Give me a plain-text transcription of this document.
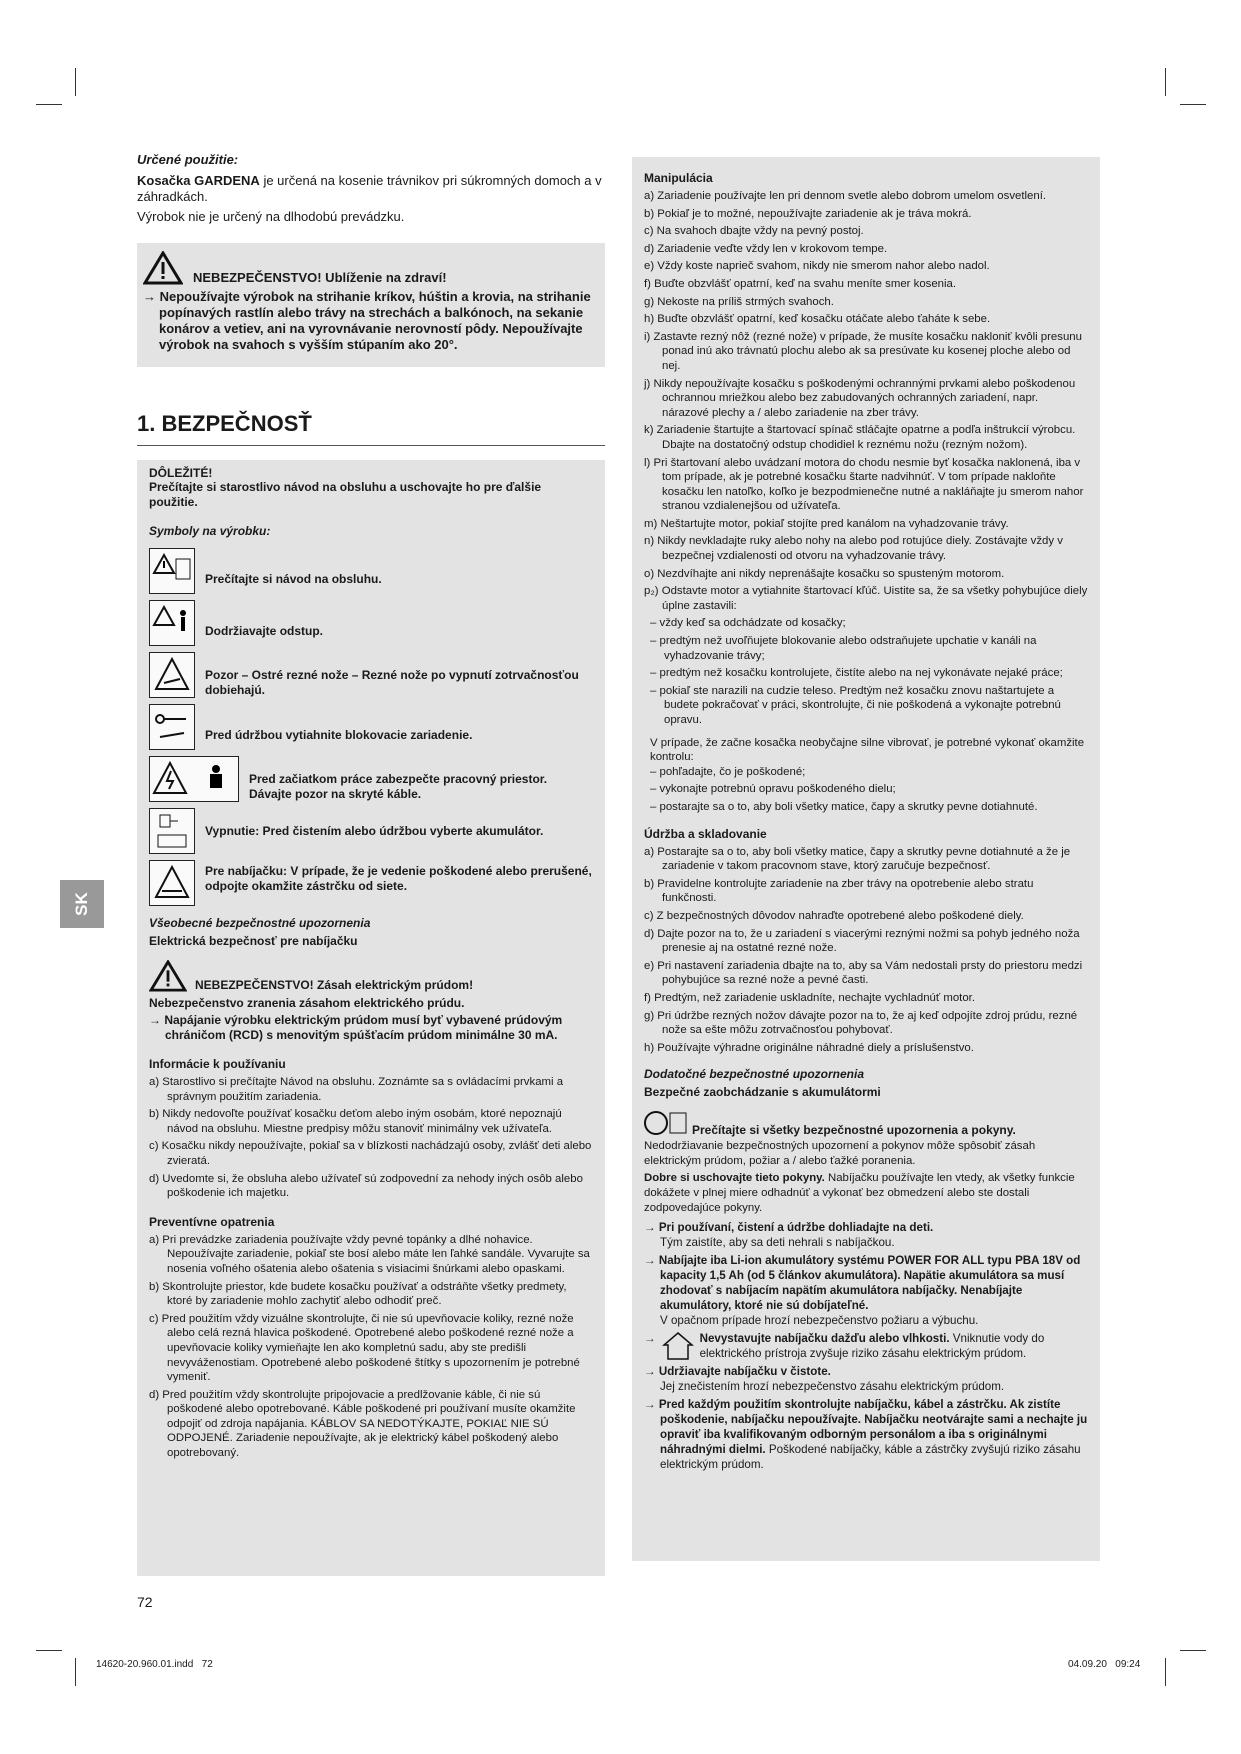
SK
Určené použitie:

Kosačka GARDENA je určená na kosenie trávnikov pri súkromných domoch a v záhradkách.

Výrobok nie je určený na dlhodobú prevádzku.

NEBEZPEČENSTVO! Ublíženie na zdraví!
→ Nepoužívajte výrobok na strihanie kríkov, húštin a krovia, na strihanie popínavých rastlín alebo trávy na strechách a balkónoch, na sekanie konárov a vetiev, ani na vyrovnávanie nerovností pôdy. Nepoužívajte výrobok na svahoch s vyšším stúpaním ako 20°.
1. BEZPEČNOSŤ
DÔLEŽITÉ!
Prečítajte si starostlivo návod na obsluhu a uschovajte ho pre ďalšie použitie.
Symboly na výrobku:
Prečítajte si návod na obsluhu.
Dodržiavajte odstup.
Pozor – Ostré rezné nože – Rezné nože po vypnutí zotrvačnosťou dobiehajú.
Pred údržbou vytiahnite blokovacie zariadenie.
Pred začiatkom práce zabezpečte pracovný priestor. Dávajte pozor na skryté káble.
Vypnutie: Pred čistením alebo údržbou vyberte akumulátor.
Pre nabíjačku: V prípade, že je vedenie poškodené alebo prerušené, odpojte okamžite zástrčku od siete.
Všeobecné bezpečnostné upozornenia
Elektrická bezpečnosť pre nabíjačku
NEBEZPEČENSTVO! Zásah elektrickým prúdom!
Nebezpečenstvo zranenia zásahom elektrického prúdu.
→ Napájanie výrobku elektrickým prúdom musí byť vybavené prúdovým chráničom (RCD) s menovitým spúšťacím prúdom minimálne 30 mA.
Informácie k používaniu
a) Starostlivo si prečítajte Návod na obsluhu. Zoznámte sa s ovládacími prvkami a správnym použitím zariadenia.
b) Nikdy nedovoľte používať kosačku deťom alebo iným osobám, ktoré nepoznajú návod na obsluhu. Miestne predpisy môžu stanoviť minimálny vek užívateľa.
c) Kosačku nikdy nepoužívajte, pokiaľ sa v blízkosti nachádzajú osoby, zvlášť deti alebo zvieratá.
d) Uvedomte si, že obsluha alebo užívateľ sú zodpovední za nehody iných osôb alebo poškodenie ich majetku.
Preventívne opatrenia
a) Pri prevádzke zariadenia používajte vždy pevné topánky a dlhé nohavice. Nepoužívajte zariadenie, pokiaľ ste bosí alebo máte len ľahké sandále. Vyvarujte sa nosenia voľného ošatenia alebo ošatenia s visiacimi šnúrkami alebo opaskami.
b) Skontrolujte priestor, kde budete kosačku používať a odstráňte všetky predmety, ktoré by zariadenie mohlo zachytiť alebo odhodiť preč.
c) Pred použitím vždy vizuálne skontrolujte, či nie sú upevňovacie koliky, rezné nože alebo celá rezná hlavica poškodené. Opotrebené alebo poškodené rezné nože a upevňovacie koliky vymieňajte len ako kompletnú sadu, aby ste predišli nevyváženostiam. Opotrebené alebo poškodené štítky s upozornením je potrebné vymeniť.
d) Pred použitím vždy skontrolujte pripojovacie a predlžovanie káble, či nie sú poškodené alebo opotrebované. Káble poškodené pri používaní musíte okamžite odpojiť od zdroja napájania. KÁBLOV SA NEDOTÝKAJTE, POKIAĽ NIE SÚ ODPOJENÉ. Zariadenie nepoužívajte, ak je elektrický kábel poškodený alebo opotrebovaný.
Manipulácia
a) Zariadenie používajte len pri dennom svetle alebo dobrom umelom osvetlení.
b) Pokiaľ je to možné, nepoužívajte zariadenie ak je tráva mokrá.
c) Na svahoch dbajte vždy na pevný postoj.
d) Zariadenie veďte vždy len v krokovom tempe.
e) Vždy koste naprieč svahom, nikdy nie smerom nahor alebo nadol.
f) Buďte obzvlášť opatrní, keď na svahu meníte smer kosenia.
g) Nekoste na príliš strmých svahoch.
h) Buďte obzvlášť opatrní, keď kosačku otáčate alebo ťaháte k sebe.
i) Zastavte rezný nôž (rezné nože) v prípade, že musíte kosačku nakloniť kvôli presunu ponad inú ako trávnatú plochu alebo ak sa presúvate ku kosenej ploche alebo od nej.
j) Nikdy nepoužívajte kosačku s poškodenými ochrannými prvkami alebo poškodenou ochrannou mriežkou alebo bez zabudovaných ochranných zariadení, napr. nárazové plechy a / alebo zariadenie na zber trávy.
k) Zariadenie štartujte a štartovací spínač stláčajte opatrne a podľa inštrukcií výrobcu. Dbajte na dostatočný odstup chodidiel k reznému nožu (rezným nožom).
l) Pri štartovaní alebo uvádzaní motora do chodu nesmie byť kosačka naklonená, iba v tom prípade, ak je potrebné kosačku štarte nadvihnúť. V tom prípade nakloňte kosačku len natoľko, koľko je bezpodmienečne nutné a nakláňajte ju smerom nahor stranou vzdialenejšou od užívateľa.
m) Neštartujte motor, pokiaľ stojíte pred kanálom na vyhadzovanie trávy.
n) Nikdy nevkladajte ruky alebo nohy na alebo pod rotujúce diely. Zostávajte vždy v bezpečnej vzdialenosti od otvoru na vyhadzovanie trávy.
o) Nezdvíhajte ani nikdy neprenášajte kosačku so spusteným motorom.
p₂) Odstavte motor a vytiahnite štartovací kľúč. Uistite sa, že sa všetky pohybujúce diely úplne zastavili:
– vždy keď sa odchádzate od kosačky;
– predtým než uvoľňujete blokovanie alebo odstraňujete upchatie v kanáli na vyhadzovanie trávy;
– predtým než kosačku kontrolujete, čistíte alebo na nej vykonávate nejaké práce;
– pokiaľ ste narazili na cudzie teleso. Predtým než kosačku znovu naštartujete a budete pokračovať v práci, skontrolujte, či nie poškodená a vykonajte potrebnú opravu.

V prípade, že začne kosačka neobyčajne silne vibrovať, je potrebné vykonať okamžite kontrolu:

– pohľadajte, čo je poškodené;
– vykonajte potrebnú opravu poškodeného dielu;
– postarajte sa o to, aby boli všetky matice, čapy a skrutky pevne dotiahnuté.
Údržba a skladovanie
a) Postarajte sa o to, aby boli všetky matice, čapy a skrutky pevne dotiahnuté a že je zariadenie v takom pracovnom stave, ktorý zaručuje bezpečnosť.
b) Pravidelne kontrolujte zariadenie na zber trávy na opotrebenie alebo stratu funkčnosti.
c) Z bezpečnostných dôvodov nahraďte opotrebené alebo poškodené diely.
d) Dajte pozor na to, že u zariadení s viacerými reznými nožmi sa pohyb jedného noža prenesie aj na ostatné rezné nože.
e) Pri nastavení zariadenia dbajte na to, aby sa Vám nedostali prsty do priestoru medzi pohybujúce sa rezné nože a pevné časti.
f) Predtým, než zariadenie uskladníte, nechajte vychladnúť motor.
g) Pri údržbe rezných nožov dávajte pozor na to, že aj keď odpojíte zdroj prúdu, rezné nože sa ešte môžu zotrvačnosťou pohybovať.
h) Používajte výhradne originálne náhradné diely a príslušenstvo.
Dodatočné bezpečnostné upozornenia
Bezpečné zaobchádzanie s akumulátormi
Prečítajte si všetky bezpečnostné upozornenia a pokyny.

Nedodržiavanie bezpečnostných upozornení a pokynov môže spôsobiť zásah elektrickým prúdom, požiar a / alebo ťažké poranenia.

Dobre si uschovajte tieto pokyny. Nabíjačku používajte len vtedy, ak všetky funkcie dokážete v plnej miere odhadnúť a vykonať bez obmedzení alebo ste dostali zodpovedajúce pokyny.

→ Pri používaní, čistení a údržbe dohliadajte na deti.
Tým zaistíte, aby sa deti nehrali s nabíjačkou.
→ Nabíjajte iba Li-ion akumulátory systému POWER FOR ALL typu PBA 18V od kapacity 1,5 Ah (od 5 článkov akumulátora). Napätie akumulátora sa musí zhodovať s nabíjacím napätím akumulátora nabíjačky. Nenabíjajte akumulátory, ktoré nie sú dobíjateľné.
V opačnom prípade hrozí nebezpečenstvo požiaru a výbuchu.
→	Nevystavujte nabíjačku dažďu alebo vlhkosti. Vniknutie vody do elektrického prístroja zvyšuje riziko zásahu elektrickým prúdom.
→ Udržiavajte nabíjačku v čistote.
Jej znečistením hrozí nebezpečenstvo zásahu elektrickým prúdom.
→ Pred každým použitím skontrolujte nabíjačku, kábel a zástrčku. Ak zistíte poškodenie, nabíjačku nepoužívajte. Nabíjačku neotvárajte sami a nechajte ju opraviť iba kvalifikovaným odborným personálom a iba s originálnymi náhradnými dielmi. Poškodené nabíjačky, káble a zástrčky zvyšujú riziko zásahu elektrickým prúdom.
72
14620-20.960.01.indd   72	04.09.20   09:24
